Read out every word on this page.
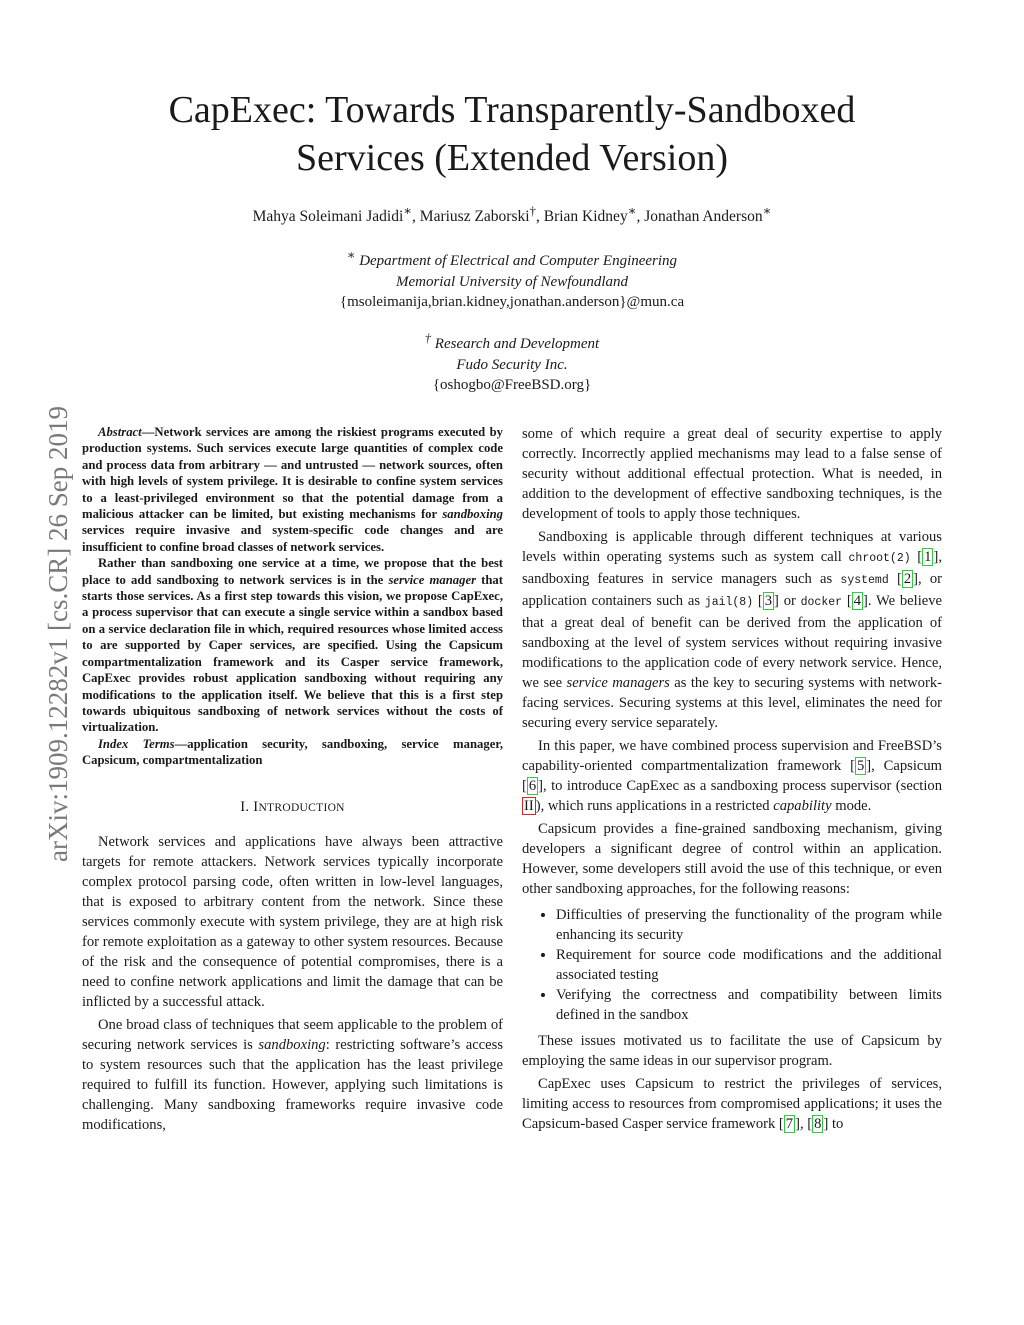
arXiv:1909.12282v1 [cs.CR] 26 Sep 2019
CapExec: Towards Transparently-Sandboxed
Services (Extended Version)
Mahya Soleimani Jadidi∗, Mariusz Zaborski†, Brian Kidney∗, Jonathan Anderson∗
∗ Department of Electrical and Computer Engineering
Memorial University of Newfoundland
{msoleimanija,brian.kidney,jonathan.anderson}@mun.ca
† Research and Development
Fudo Security Inc.
{oshogbo@FreeBSD.org}

Abstract—Network services are among the riskiest programs executed by production systems. Such services execute large quantities of complex code and process data from arbitrary — and untrusted — network sources, often with high levels of system privilege. It is desirable to confine system services to a least-privileged environment so that the potential damage from a malicious attacker can be limited, but existing mechanisms for sandboxing services require invasive and system-specific code changes and are insufficient to confine broad classes of network services.

Rather than sandboxing one service at a time, we propose that the best place to add sandboxing to network services is in the service manager that starts those services. As a first step towards this vision, we propose CapExec, a process supervisor that can execute a single service within a sandbox based on a service declaration file in which, required resources whose limited access to are supported by Caper services, are specified. Using the Capsicum compartmentalization framework and its Casper service framework, CapExec provides robust application sandboxing without requiring any modifications to the application itself. We believe that this is a first step towards ubiquitous sandboxing of network services without the costs of virtualization.

Index Terms—application security, sandboxing, service manager, Capsicum, compartmentalization

I. INTRODUCTION

Network services and applications have always been attractive targets for remote attackers. Network services typically incorporate complex protocol parsing code, often written in low-level languages, that is exposed to arbitrary content from the network. Since these services commonly execute with system privilege, they are at high risk for remote exploitation as a gateway to other system resources. Because of the risk and the consequence of potential compromises, there is a need to confine network applications and limit the damage that can be inflicted by a successful attack.

One broad class of techniques that seem applicable to the problem of securing network services is sandboxing: restricting software’s access to system resources such that the application has the least privilege required to fulfill its function. However, applying such limitations is challenging. Many sandboxing frameworks require invasive code modifications,

some of which require a great deal of security expertise to apply correctly. Incorrectly applied mechanisms may lead to a false sense of security without additional effectual protection. What is needed, in addition to the development of effective sandboxing techniques, is the development of tools to apply those techniques.

Sandboxing is applicable through different techniques at various levels within operating systems such as system call chroot(2) [ 1 ], sandboxing features in service managers such as systemd [ 2 ], or application containers such as jail(8) [ 3 ] or docker [ 4 ]. We believe that a great deal of benefit can be derived from the application of sandboxing at the level of system services without requiring invasive modifications to the application code of every network service. Hence, we see service managers as the key to securing systems with network-facing services. Securing systems at this level, eliminates the need for securing every service separately.

In this paper, we have combined process supervision and FreeBSD’s capability-oriented compartmentalization framework [ 5 ], Capsicum [ 6 ], to introduce CapExec as a sandboxing process supervisor (section II ), which runs applications in a restricted capability mode.

Capsicum provides a fine-grained sandboxing mechanism, giving developers a significant degree of control within an application. However, some developers still avoid the use of this technique, or even other sandboxing approaches, for the following reasons:

• Difficulties of preserving the functionality of the program while enhancing its security
• Requirement for source code modifications and the additional associated testing
• Verifying the correctness and compatibility between limits defined in the sandbox

These issues motivated us to facilitate the use of Capsicum by employing the same ideas in our supervisor program.

CapExec uses Capsicum to restrict the privileges of services, limiting access to resources from compromised applications; it uses the Capsicum-based Casper service framework [ 7 ], [ 8 ] to
